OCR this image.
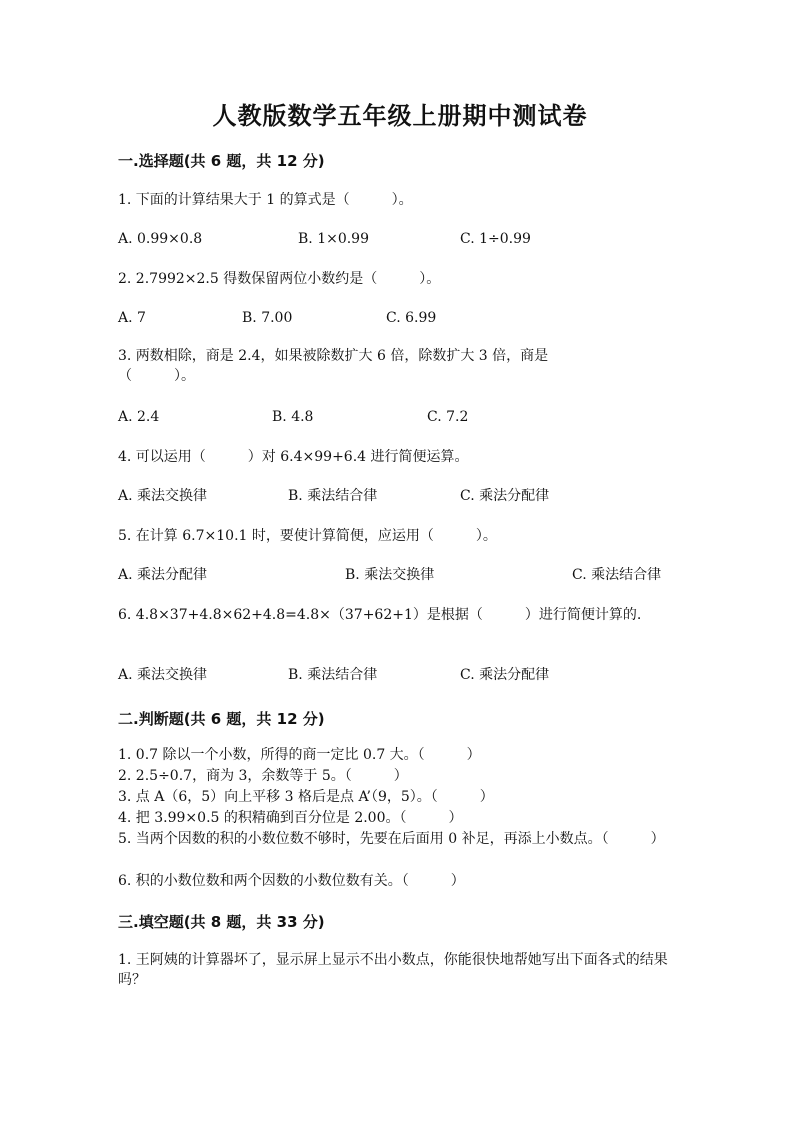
人教版数学五年级上册期中测试卷
一.选择题(共 6 题，共 12 分)
1. 下面的计算结果大于 1 的算式是（　　　）。
A. 0.99×0.8	B. 1×0.99	C. 1÷0.99
2. 2.7992×2.5 得数保留两位小数约是（　　　）。
A. 7	B. 7.00	C. 6.99
3. 两数相除，商是 2.4，如果被除数扩大 6 倍，除数扩大 3 倍，商是（　　　）。
A. 2.4	B. 4.8	C. 7.2
4. 可以运用（　　　）对 6.4×99+6.4 进行简便运算。
A. 乘法交换律	B. 乘法结合律	C. 乘法分配律
5. 在计算 6.7×10.1 时，要使计算简便，应运用（　　　）。
A. 乘法分配律	B. 乘法交换律	C. 乘法结合律
6. 4.8×37+4.8×62+4.8=4.8×（37+62+1）是根据（　　　）进行简便计算的.
A. 乘法交换律	B. 乘法结合律	C. 乘法分配律
二.判断题(共 6 题，共 12 分)
1. 0.7 除以一个小数，所得的商一定比 0.7 大。（　　　）
2. 2.5÷0.7，商为 3，余数等于 5。（　　　）
3. 点 A（6，5）向上平移 3 格后是点 A’（9，5）。（　　　）
4. 把 3.99×0.5 的积精确到百分位是 2.00。（　　　）
5. 当两个因数的积的小数位数不够时，先要在后面用 0 补足，再添上小数点。（　　　）
6. 积的小数位数和两个因数的小数位数有关。（　　　）
三.填空题(共 8 题，共 33 分)
1. 王阿姨的计算器坏了，显示屏上显示不出小数点，你能很快地帮她写出下面各式的结果吗？
